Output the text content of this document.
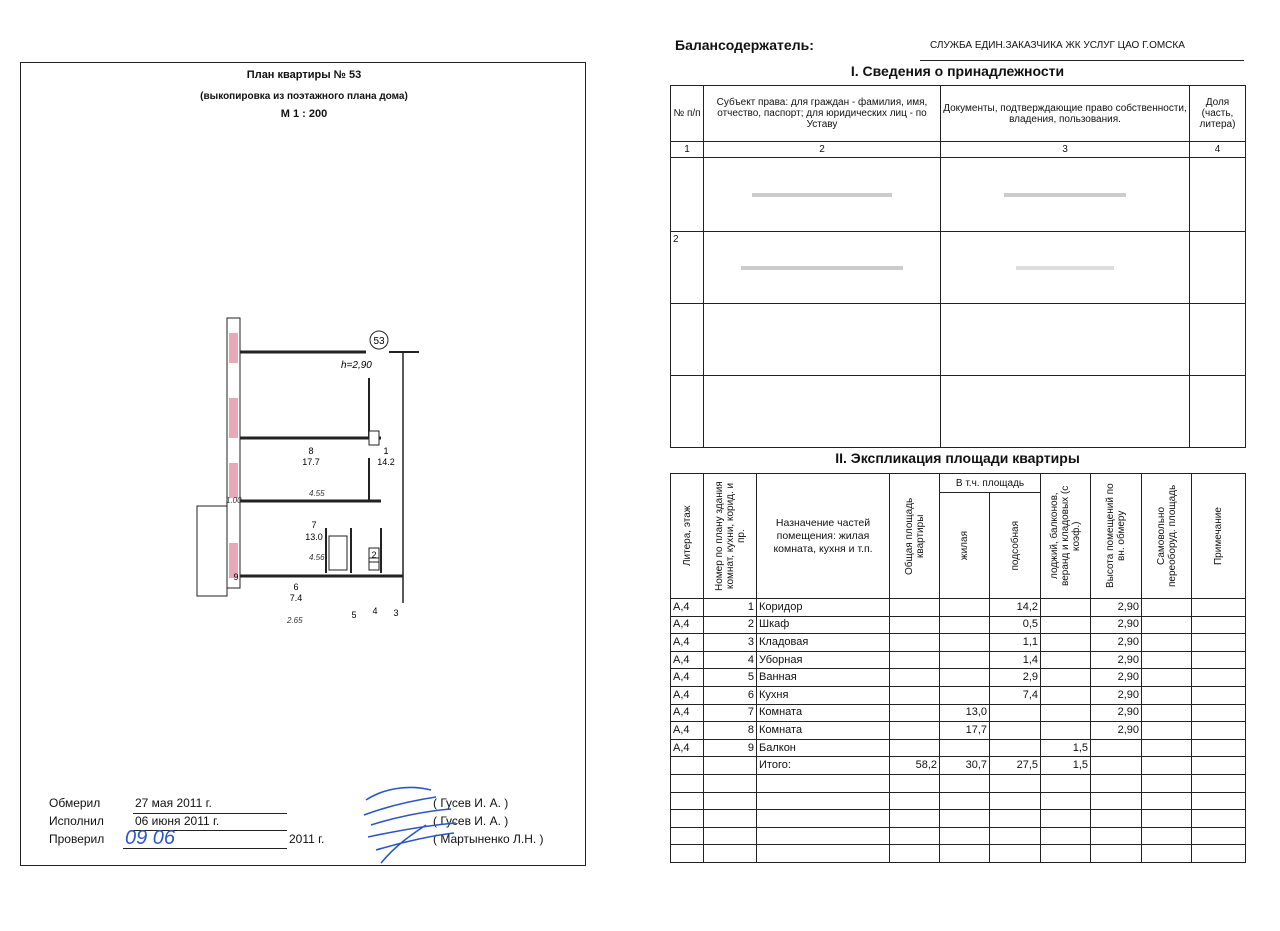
План квартиры № 53
(выкопировка из поэтажного плана дома)
М 1 : 200
53
h=2,90
8
17.7
1
14.2
7
13.0
2
6
7.4
5 4 3
9
4.55
1.00
4.56
2.65
Обмерил	27 мая 2011 г.	( Гусев И. А. )
Исполнил	06 июня 2011 г.	( Гусев И. А. )
Проверил 09 06	2011 г.	( Мартыненко Л.Н. )
Балансодержатель:	СЛУЖБА ЕДИН.ЗАКАЗЧИКА ЖК УСЛУГ ЦАО Г.ОМСКА
I. Сведения о принадлежности
№ п/п	Субъект права: для граждан - фамилия, имя, отчество, паспорт; для юридических лиц - по Уставу	Документы, подтверждающие право собственности, владения, пользования.	Доля (часть, литера)
1	2	3	4

2	

II. Экспликация площади квартиры
Литера, этаж	Номер по плану здания комнат, кухни, корид. и пр.	Назначение частей помещения: жилая комната, кухня и т.п.	Общая площадь квартиры	В т.ч. площадь		лоджий, балконов, веранд и кладовых (с коэф.)	Высота помещений по вн. обмеру	Самовольно переоборуд. площадь	Примечание

				жилая	подсобная				

А,4	1	Коридор			14,2		2,90		
А,4	2	Шкаф			0,5		2,90		
А,4	3	Кладовая			1,1		2,90		
А,4	4	Уборная			1,4		2,90		
А,4	5	Ванная			2,9		2,90		
А,4	6	Кухня			7,4		2,90		
А,4	7	Комната		13,0			2,90		
А,4	8	Комната		17,7			2,90		
А,4	9	Балкон				1,5			
		Итого:	58,2	30,7	27,5	1,5			
